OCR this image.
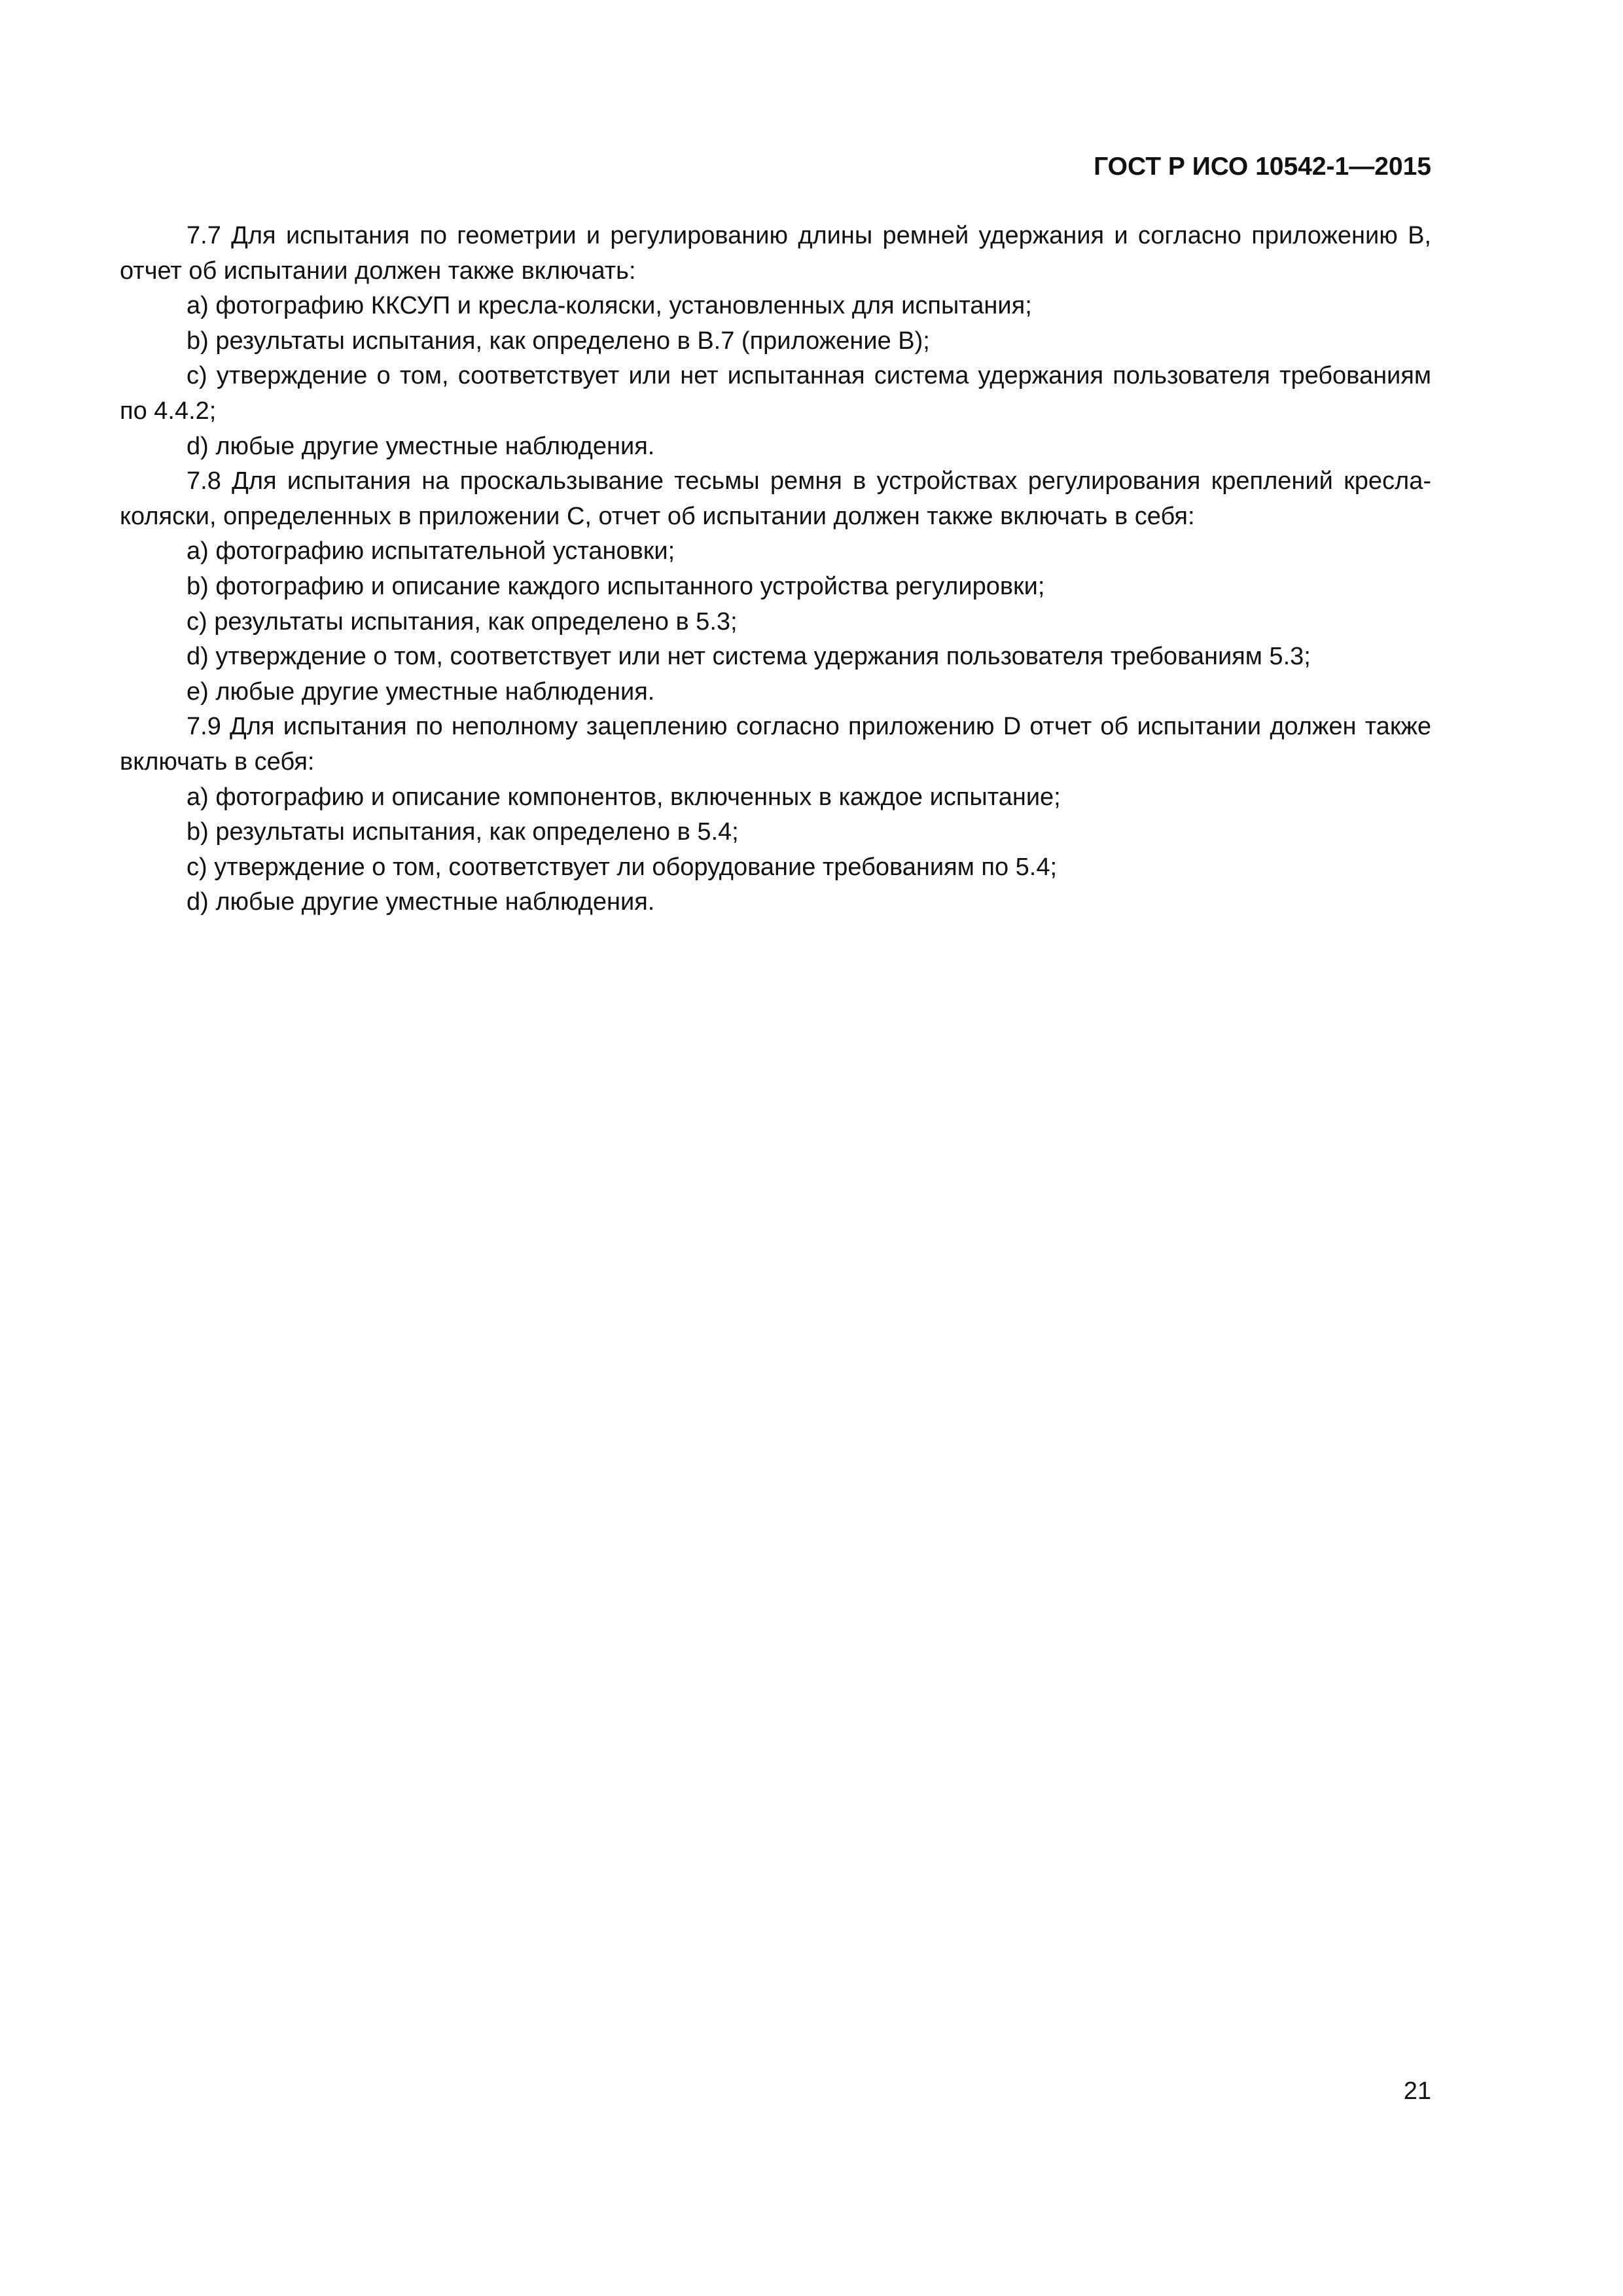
ГОСТ Р ИСО 10542-1—2015

7.7 Для испытания по геометрии и регулированию длины ремней удержания и согласно приложению В, отчет об испытании должен также включать:

a) фотографию ККСУП и кресла-коляски, установленных для испытания;

b) результаты испытания, как определено в В.7 (приложение В);

c) утверждение о том, соответствует или нет испытанная система удержания пользователя требованиям по 4.4.2;

d) любые другие уместные наблюдения.

7.8 Для испытания на проскальзывание тесьмы ремня в устройствах регулирования креплений кресла-коляски, определенных в приложении С, отчет об испытании должен также включать в себя:

a) фотографию испытательной установки;

b) фотографию и описание каждого испытанного устройства регулировки;

c) результаты испытания, как определено в 5.3;

d) утверждение о том, соответствует или нет система удержания пользователя требованиям 5.3;

e) любые другие уместные наблюдения.

7.9 Для испытания по неполному зацеплению согласно приложению D отчет об испытании должен также включать в себя:

a) фотографию и описание компонентов, включенных в каждое испытание;

b) результаты испытания, как определено в 5.4;

c) утверждение о том, соответствует ли оборудование требованиям по 5.4;

d) любые другие уместные наблюдения.

21
